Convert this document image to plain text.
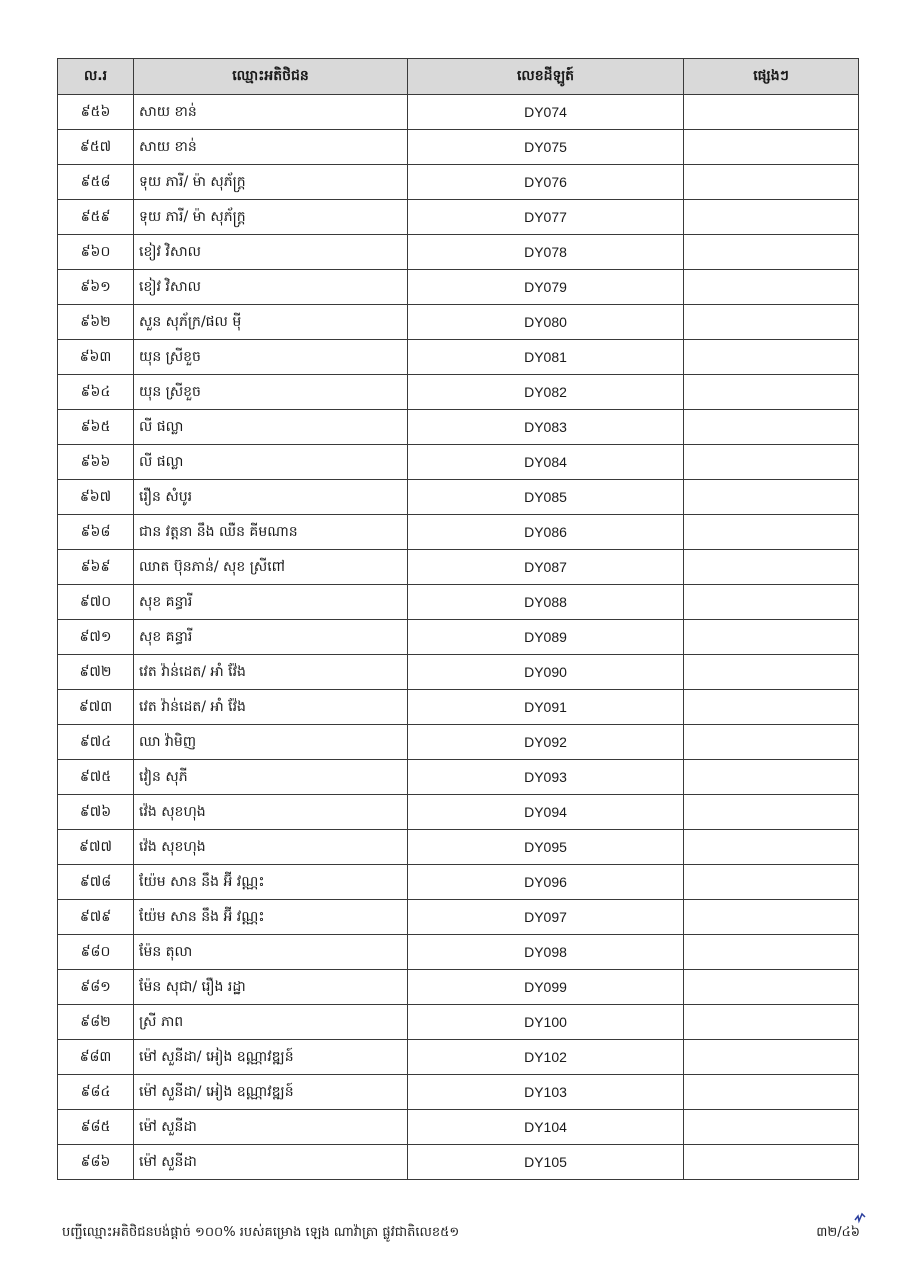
ល.រ	ឈ្មោះអតិថិជន	លេខដីឡូត៍	ផ្សេងៗ
៩៥៦	សាយ ខាន់	DY074	
៩៥៧	សាយ ខាន់	DY075	
៩៥៨	ទុយ ភារី/ ម៉ា សុភ័ក្ត្រ	DY076	
៩៥៩	ទុយ ភារី/ ម៉ា សុភ័ក្ត្រ	DY077	
៩៦០	ខៀវ វិសាល	DY078	
៩៦១	ខៀវ វិសាល	DY079	
៩៦២	សួន សុភ័ក្រ/ផល ម៉ី	DY080	
៩៦៣	យុន ស្រីខួច	DY081	
៩៦៤	យុន ស្រីខួច	DY082	
៩៦៥	លី ផល្លា	DY083	
៩៦៦	លី ផល្លា	DY084	
៩៦៧	រឿន សំបូរ	DY085	
៩៦៨	ជាន វត្តនា នឹង ឈឺន គីមណាន	DY086	
៩៦៩	ឈាត ប៊ុនភាន់/ សុខ ស្រីពៅ	DY087	
៩៧០	សុខ គន្ធារី	DY088	
៩៧១	សុខ គន្ធារី	DY089	
៩៧២	វេត វ៉ាន់ដេត/ អាំ វ៉ែង	DY090	
៩៧៣	វេត វ៉ាន់ដេត/ អាំ វ៉ែង	DY091	
៩៧៤	ឈា វ៉ាមិញ	DY092	
៩៧៥	វៀន សុភី	DY093	
៩៧៦	វ៉េង សុខហុង	DY094	
៩៧៧	វ៉េង សុខហុង	DY095	
៩៧៨	យ៉ែម សាន នឹង អ៊ី វណ្ណះ	DY096	
៩៧៩	យ៉ែម សាន នឹង អ៊ី វណ្ណះ	DY097	
៩៨០	ម៉ែន តុលា	DY098	
៩៨១	ម៉ែន សុជា/ រឿង រដ្ឋា	DY099	
៩៨២	ស្រី ភាព	DY100	
៩៨៣	ម៉ៅ សួនីដា/ អៀង ឧណ្ណាវឌ្ឍន៍	DY102	
៩៨៤	ម៉ៅ សួនីដា/ អៀង ឧណ្ណាវឌ្ឍន៍	DY103	
៩៨៥	ម៉ៅ សួនីដា	DY104	
៩៨៦	ម៉ៅ សួនីដា	DY105	
បញ្ជីឈ្មោះអតិថិជនបង់ផ្តាច់ ១០០% របស់គម្រោង ឡេង ណាវ៉ាត្រា ផ្លូវជាតិលេខ៥១	៣២/៤៦
